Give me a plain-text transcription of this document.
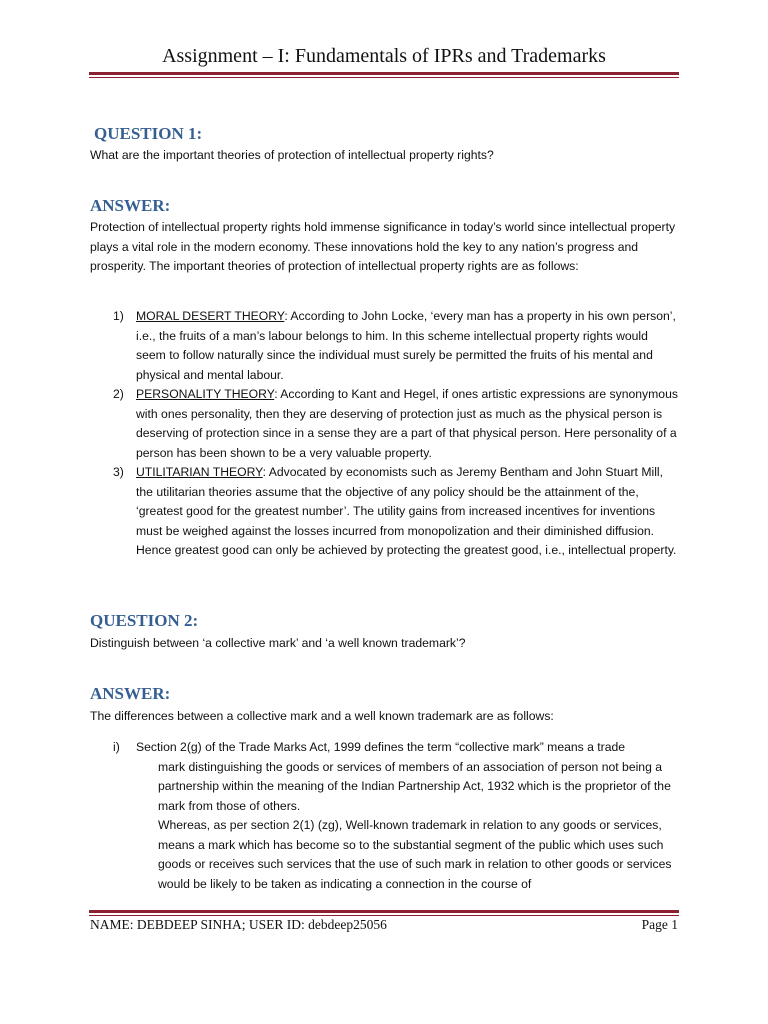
Assignment – I: Fundamentals of IPRs and Trademarks
QUESTION 1:
What are the important theories of protection of intellectual property rights?
ANSWER:
Protection of intellectual property rights hold immense significance in today’s world since intellectual property plays a vital role in the modern economy. These innovations hold the key to any nation’s progress and prosperity. The important theories of protection of intellectual property rights are as follows:
1) MORAL DESERT THEORY: According to John Locke, ‘every man has a property in his own person’, i.e., the fruits of a man’s labour belongs to him. In this scheme intellectual property rights would seem to follow naturally since the individual must surely be permitted the fruits of his mental and physical and mental labour.
2) PERSONALITY THEORY: According to Kant and Hegel, if ones artistic expressions are synonymous with ones personality, then they are deserving of protection just as much as the physical person is deserving of protection since in a sense they are a part of that physical person. Here personality of a person has been shown to be a very valuable property.
3) UTILITARIAN THEORY: Advocated by economists such as Jeremy Bentham and John Stuart Mill, the utilitarian theories assume that the objective of any policy should be the attainment of the, ‘greatest good for the greatest number’. The utility gains from increased incentives for inventions must be weighed against the losses incurred from monopolization and their diminished diffusion. Hence greatest good can only be achieved by protecting the greatest good, i.e., intellectual property.
QUESTION 2:
Distinguish between ‘a collective mark’ and ‘a well known trademark’?
ANSWER:
The differences between a collective mark and a well known trademark are as follows:
i)	Section 2(g) of the Trade Marks Act, 1999 defines the term “collective mark” means a trade
mark distinguishing the goods or services of members of an association of person not being a partnership within the meaning of the Indian Partnership Act, 1932 which is the proprietor of the mark from those of others.
Whereas, as per section 2(1) (zg), Well-known trademark in relation to any goods or services, means a mark which has become so to the substantial segment of the public which uses such goods or receives such services that the use of such mark in relation to other goods or services would be likely to be taken as indicating a connection in the course of
NAME: DEBDEEP SINHA; USER ID: debdeep25056	Page 1
